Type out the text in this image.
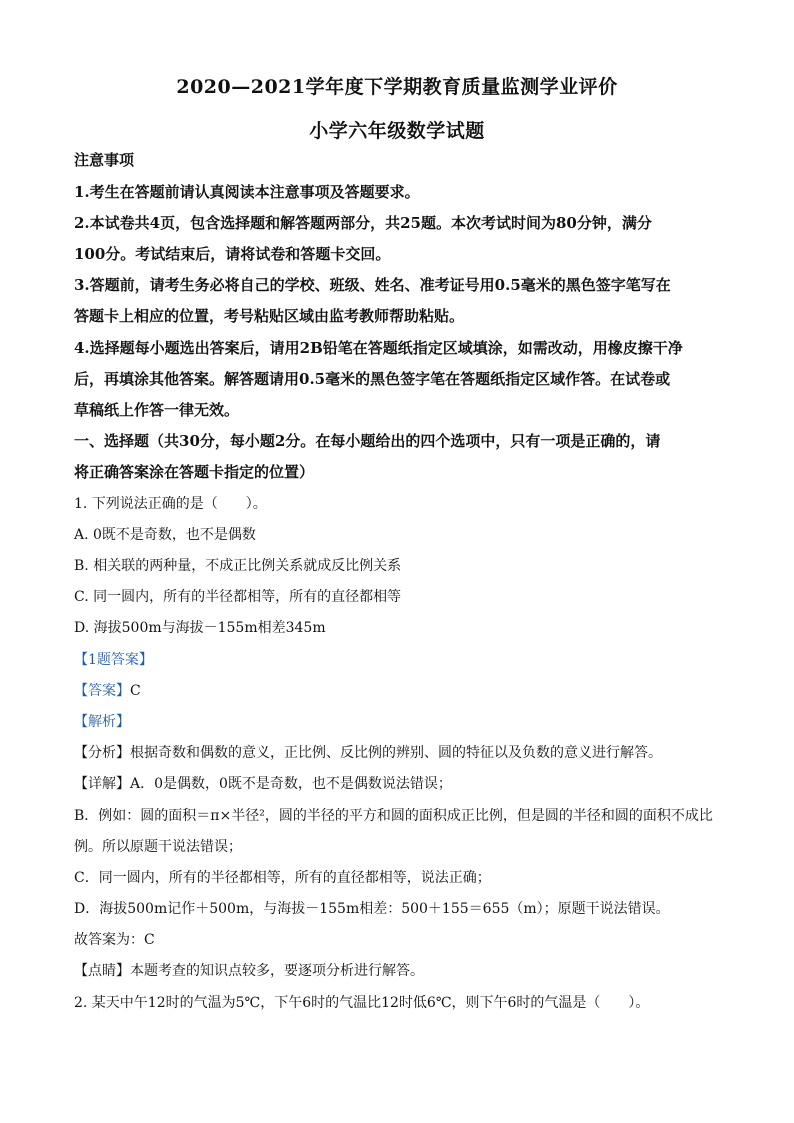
2020—2021学年度下学期教育质量监测学业评价
小学六年级数学试题
注意事项
1.考生在答题前请认真阅读本注意事项及答题要求。
2.本试卷共4页，包含选择题和解答题两部分，共25题。本次考试时间为80分钟，满分
100分。考试结束后，请将试卷和答题卡交回。
3.答题前，请考生务必将自己的学校、班级、姓名、准考证号用0.5毫米的黑色签字笔写在
答题卡上相应的位置，考号粘贴区域由监考教师帮助粘贴。
4.选择题每小题选出答案后，请用2B铅笔在答题纸指定区域填涂，如需改动，用橡皮擦干净
后，再填涂其他答案。解答题请用0.5毫米的黑色签字笔在答题纸指定区域作答。在试卷或
草稿纸上作答一律无效。
一、选择题（共30分，每小题2分。在每小题给出的四个选项中，只有一项是正确的，请
将正确答案涂在答题卡指定的位置）
1. 下列说法正确的是（　　）。
A. 0既不是奇数，也不是偶数
B. 相关联的两种量，不成正比例关系就成反比例关系
C. 同一圆内，所有的半径都相等，所有的直径都相等
D. 海拔500m与海拔－155m相差345m
【1题答案】
【答案】C
【解析】
【分析】根据奇数和偶数的意义，正比例、反比例的辨别、圆的特征以及负数的意义进行解答。
【详解】A．0是偶数，0既不是奇数，也不是偶数说法错误；
B．例如：圆的面积＝π×半径²，圆的半径的平方和圆的面积成正比例，但是圆的半径和圆的面积不成比
例。所以原题干说法错误；
C．同一圆内，所有的半径都相等，所有的直径都相等，说法正确；
D．海拔500m记作＋500m，与海拔－155m相差：500＋155＝655（m）；原题干说法错误。
故答案为：C
【点睛】本题考查的知识点较多，要逐项分析进行解答。
2. 某天中午12时的气温为5℃，下午6时的气温比12时低6℃，则下午6时的气温是（　　）。
